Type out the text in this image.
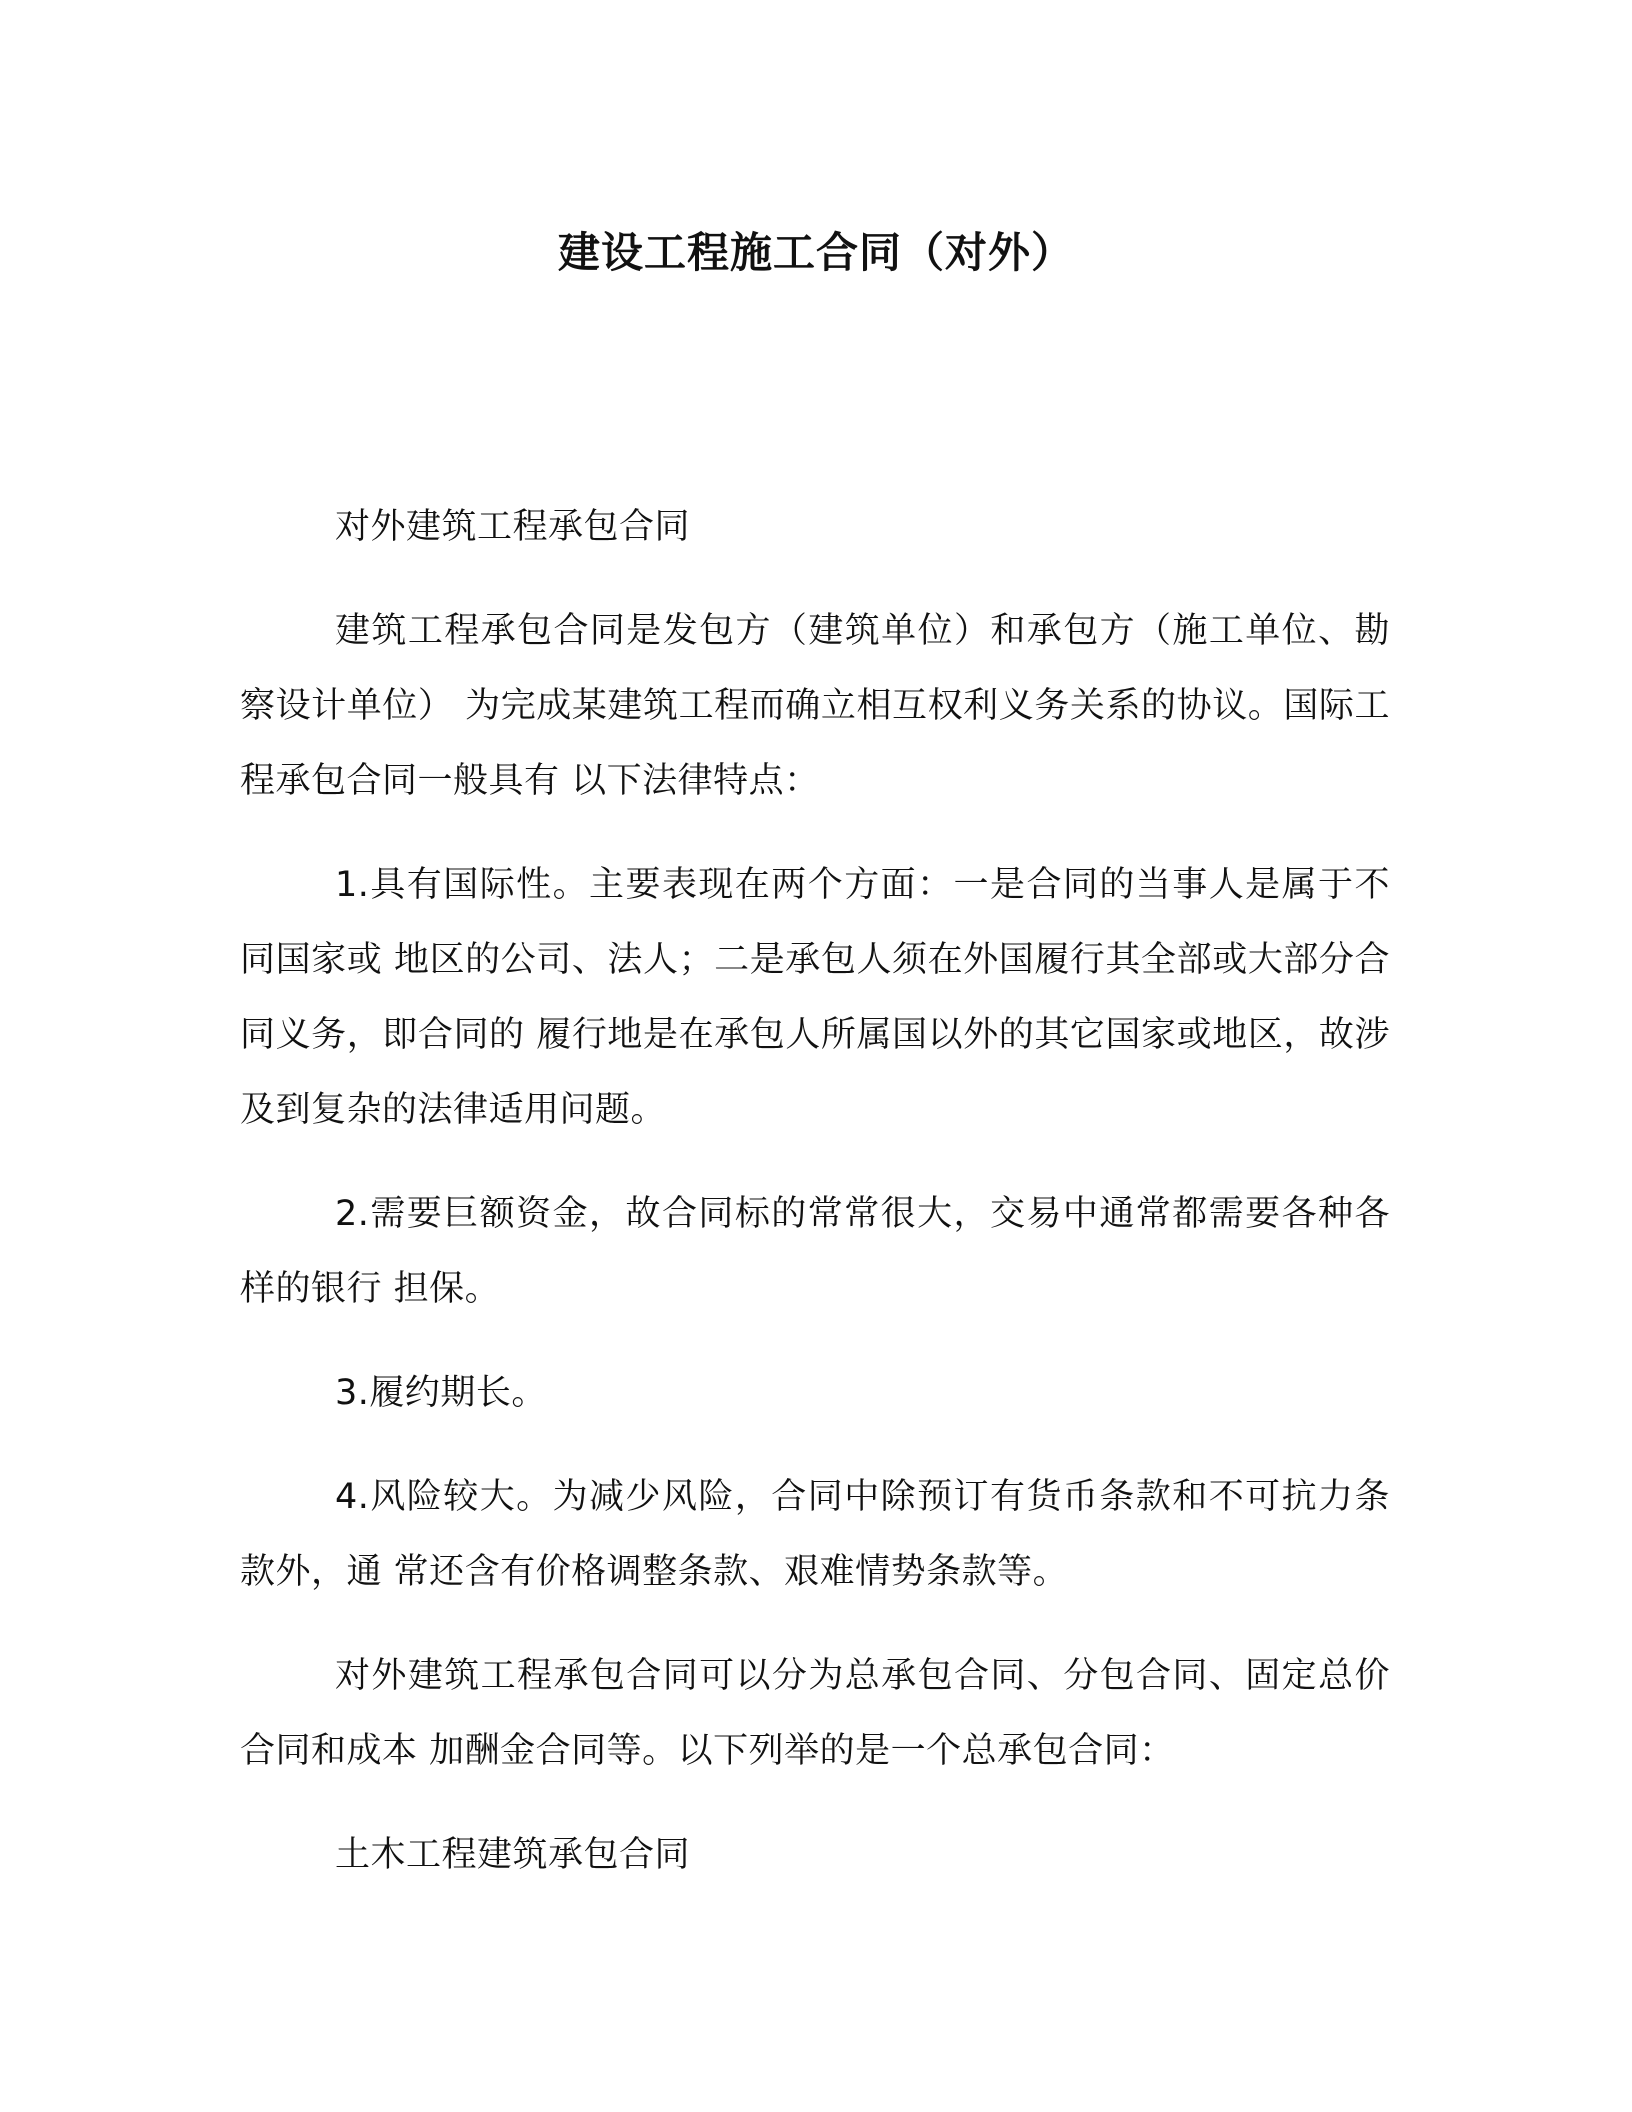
建设工程施工合同（对外）

对外建筑工程承包合同

建筑工程承包合同是发包方（建筑单位）和承包方（施工单位、勘察设计单位） 为完成某建筑工程而确立相互权利义务关系的协议。国际工程承包合同一般具有 以下法律特点：

1.具有国际性。主要表现在两个方面：一是合同的当事人是属于不同国家或 地区的公司、法人；二是承包人须在外国履行其全部或大部分合同义务，即合同的 履行地是在承包人所属国以外的其它国家或地区，故涉及到复杂的法律适用问题。

2.需要巨额资金，故合同标的常常很大，交易中通常都需要各种各样的银行 担保。

3.履约期长。

4.风险较大。为减少风险，合同中除预订有货币条款和不可抗力条款外，通 常还含有价格调整条款、艰难情势条款等。

对外建筑工程承包合同可以分为总承包合同、分包合同、固定总价合同和成本 加酬金合同等。以下列举的是一个总承包合同：

土木工程建筑承包合同
